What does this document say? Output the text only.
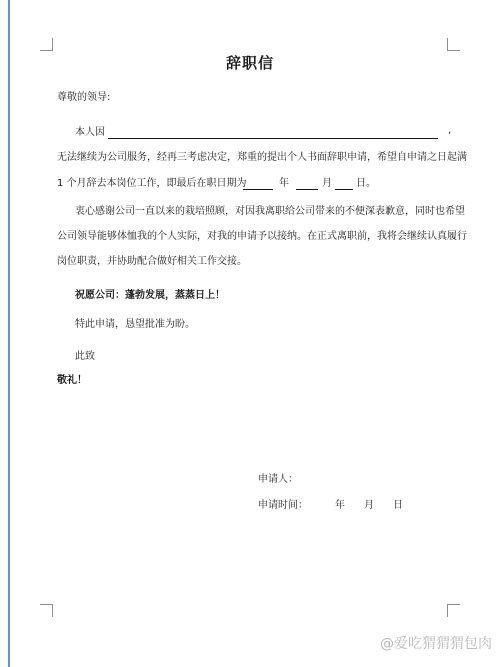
辞职信
尊敬的领导:
本人因	,
无法继续为公司服务，经再三考虑决定，郑重的提出个人书面辞职申请，希望自申请之日起满
1 个月辞去本岗位工作，即最后在职日期为	年	月 日。
衷心感谢公司一直以来的栽培照顾，对因我离职给公司带来的不便深表歉意，同时也希望
公司领导能够体恤我的个人实际，对我的申请予以接纳。在正式离职前，我将会继续认真履行
岗位职责，并协助配合做好相关工作交接。
祝愿公司：蓬勃发展，蒸蒸日上！
特此申请，恳望批准为盼。
此致
敬礼！
申请人：
申请时间：	年 月 日
@爱吃猬猬猬包肉
